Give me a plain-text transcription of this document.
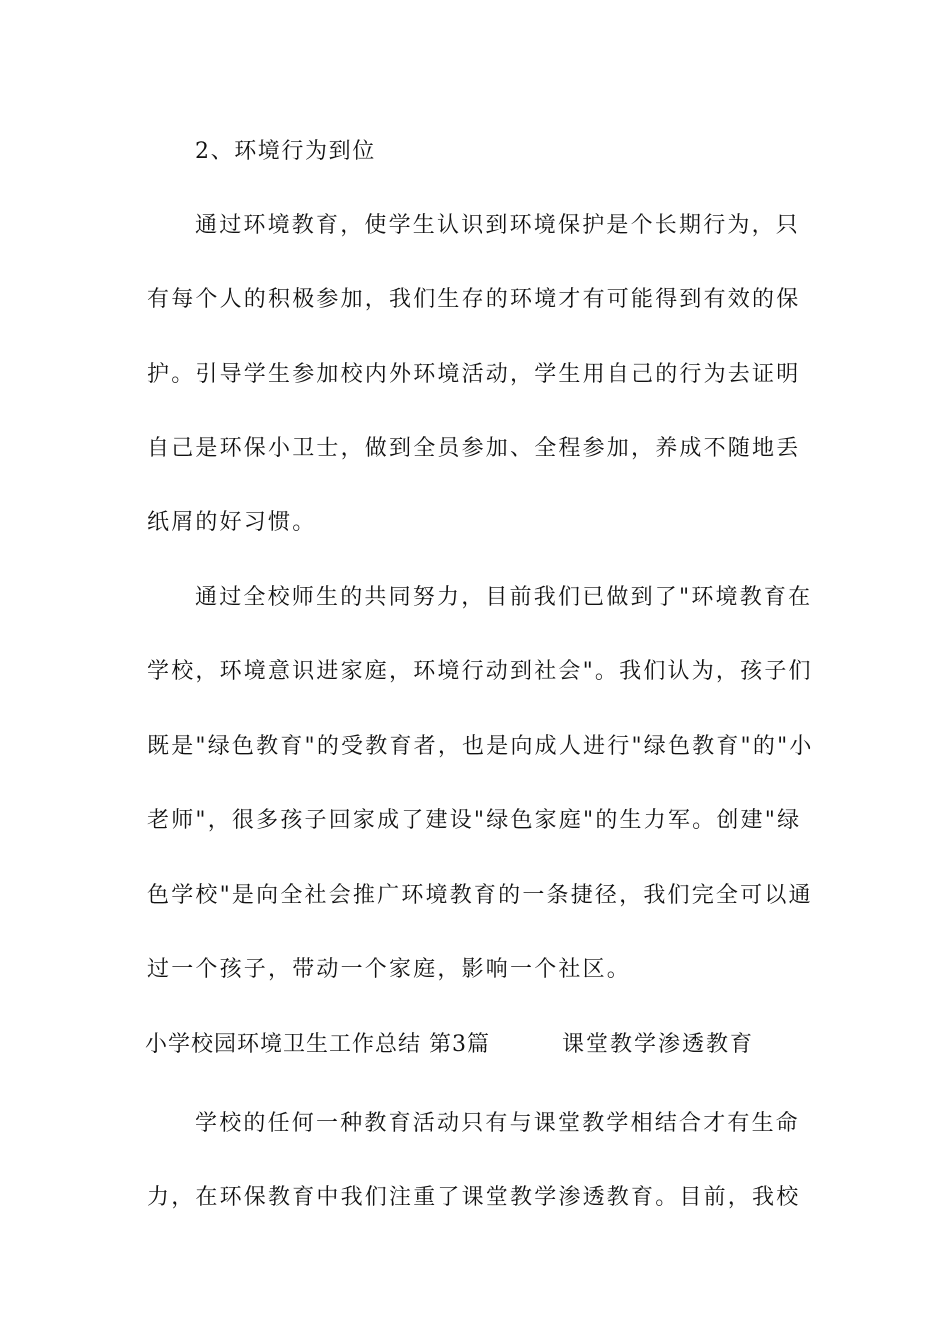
2、环境行为到位
通过环境教育，使学生认识到环境保护是个长期行为，只
有每个人的积极参加，我们生存的环境才有可能得到有效的保
护。引导学生参加校内外环境活动，学生用自己的行为去证明
自己是环保小卫士，做到全员参加、全程参加，养成不随地丢
纸屑的好习惯。
通过全校师生的共同努力，目前我们已做到了"环境教育在
学校，环境意识进家庭，环境行动到社会"。我们认为，孩子们
既是"绿色教育"的受教育者，也是向成人进行"绿色教育"的"小
老师"，很多孩子回家成了建设"绿色家庭"的生力军。创建"绿
色学校"是向全社会推广环境教育的一条捷径，我们完全可以通
过一个孩子，带动一个家庭，影响一个社区。
小学校园环境卫生工作总结 第3篇	课堂教学渗透教育
学校的任何一种教育活动只有与课堂教学相结合才有生命
力，在环保教育中我们注重了课堂教学渗透教育。目前，我校
